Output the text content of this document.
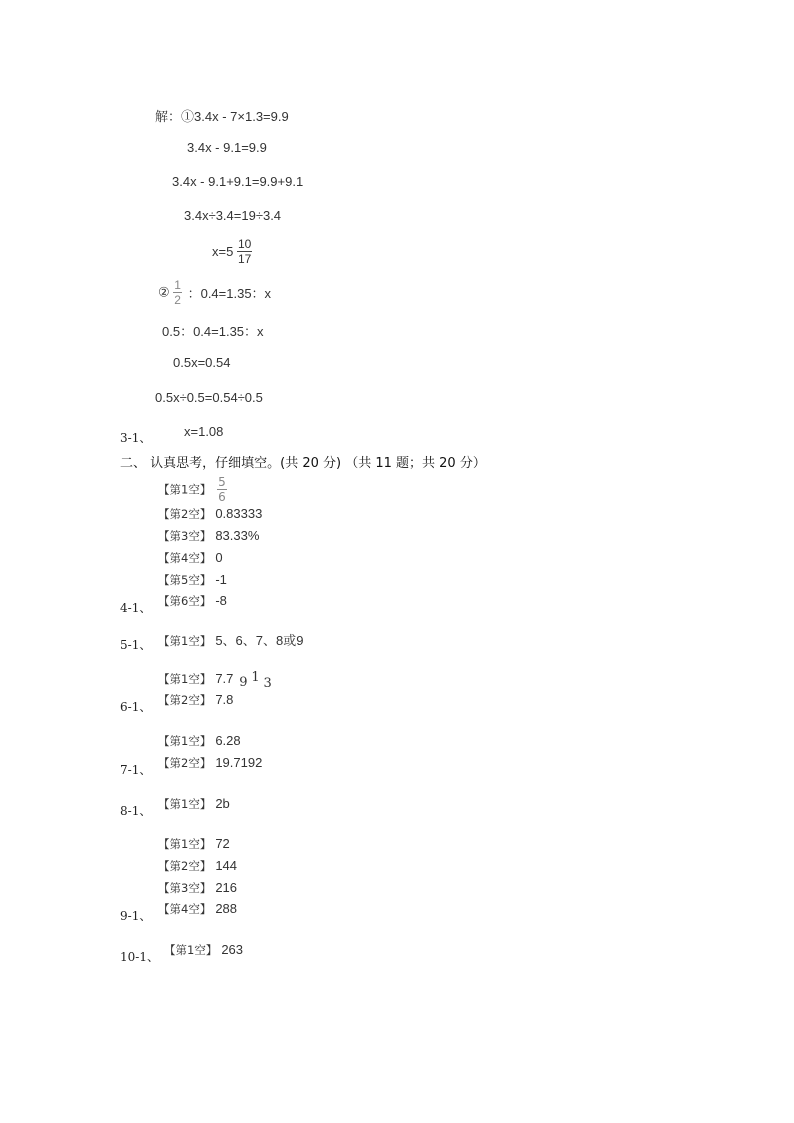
解：①3.4x - 7×1.3=9.9
3.4x - 9.1=9.9
3.4x - 9.1+9.1=9.9+9.1
3.4x÷3.4=19÷3.4
$x=5 \frac{10}{17}$
② $\frac{1}{2}$ ：0.4=1.35：x
0.5：0.4=1.35：x
0.5x=0.54
0.5x÷0.5=0.54÷0.5
3-1、	x=1.08
二、 认真思考，仔细填空。(共 20 分) （共 11 题；共 20 分）
【第1空】 $\frac{5}{6}$
【第2空】 0.83333
【第3空】 83.33%
【第4空】 0
【第5空】 -1
4-1、 【第6空】 -8
5-1、 【第1空】 5、6、7、8或9
【第1空】 7.7 9 1 3
6-1、 【第2空】 7.8
【第1空】 6.28
7-1、 【第2空】 19.7192
8-1、 【第1空】 2b
【第1空】 72
【第2空】 144
【第3空】 216
9-1、 【第4空】 288
10-1、 【第1空】 263
